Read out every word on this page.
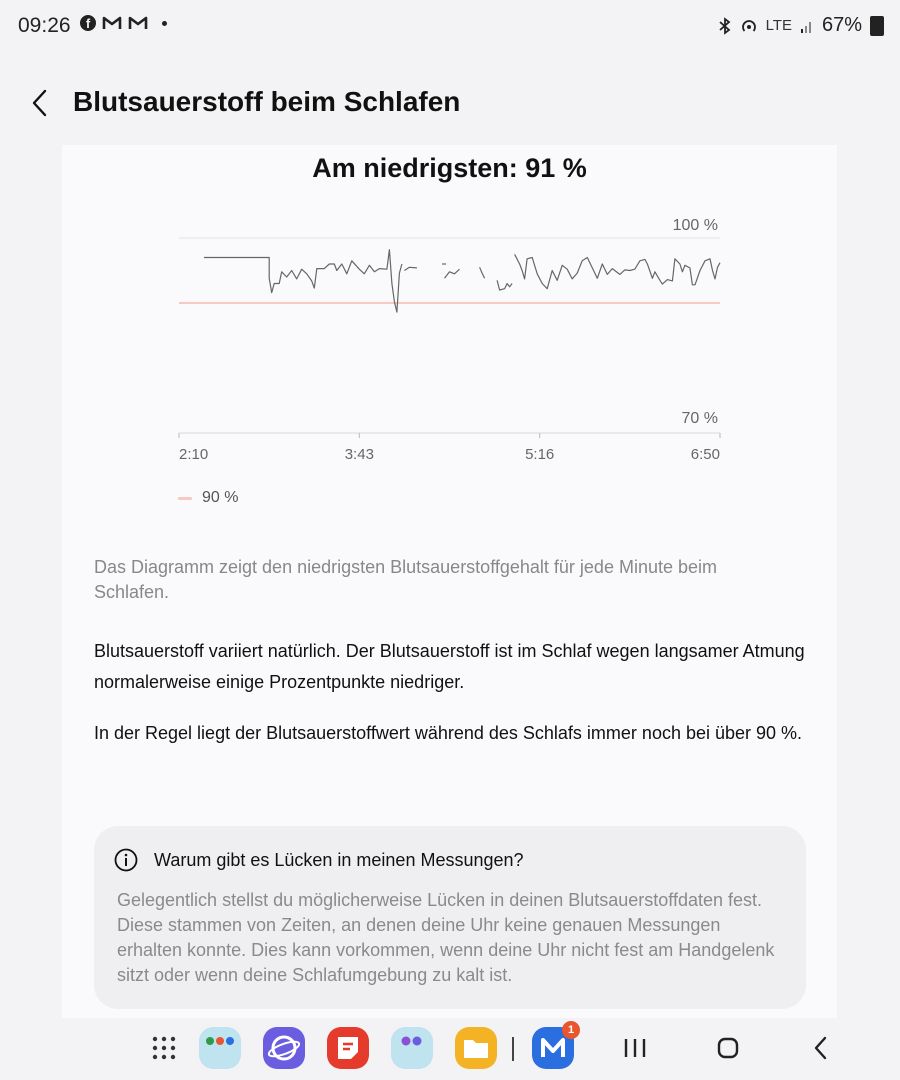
09:26	f	LTE 67%
Blutsauerstoff beim Schlafen
Am niedrigsten: 91 %
100 %
70 %
2:10	3:43	5:16	6:50
90 %
Das Diagramm zeigt den niedrigsten Blutsauerstoffgehalt für jede Minute beim Schlafen.
Blutsauerstoff variiert natürlich. Der Blutsauerstoff ist im Schlaf wegen langsamer Atmung normalerweise einige Prozentpunkte niedriger.
In der Regel liegt der Blutsauerstoffwert während des Schlafs immer noch bei über 90 %.
Warum gibt es Lücken in meinen Messungen?
Gelegentlich stellst du möglicherweise Lücken in deinen Blutsauerstoffdaten fest. Diese stammen von Zeiten, an denen deine Uhr keine genauen Messungen erhalten konnte. Dies kann vorkommen, wenn deine Uhr nicht fest am Handgelenk sitzt oder wenn deine Schlafumgebung zu kalt ist.
1
